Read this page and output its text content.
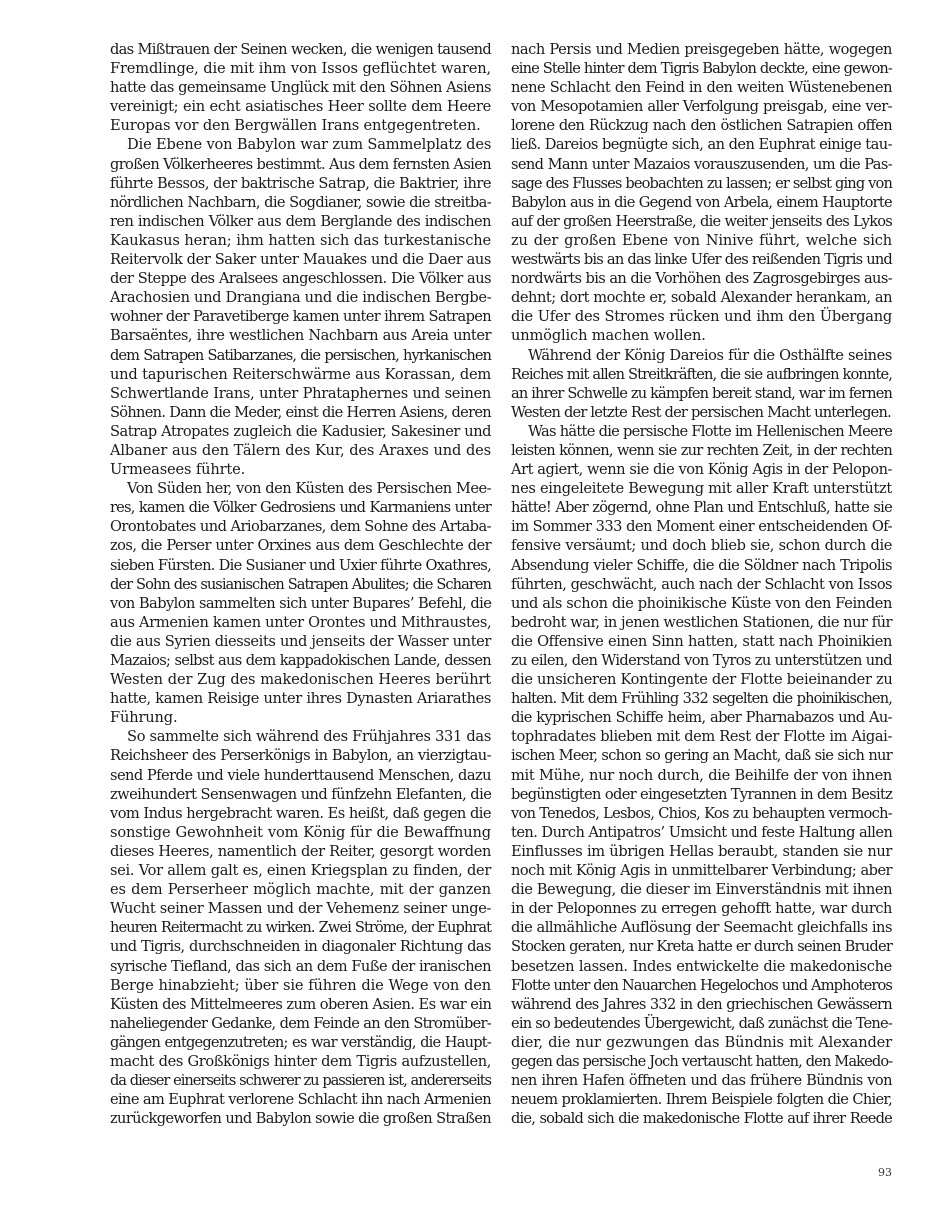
das Mißtrauen der Seinen wecken, die wenigen tausend
Fremdlinge, die mit ihm von Issos geflüchtet waren,
hatte das gemeinsame Unglück mit den Söhnen Asiens
vereinigt; ein echt asiatisches Heer sollte dem Heere
Europas vor den Bergwällen Irans entgegentreten.
Die Ebene von Babylon war zum Sammelplatz des
großen Völkerheeres bestimmt. Aus dem fernsten Asien
führte Bessos, der baktrische Satrap, die Baktrier, ihre
nördlichen Nachbarn, die Sogdianer, sowie die streitba-
ren indischen Völker aus dem Berglande des indischen
Kaukasus heran; ihm hatten sich das turkestanische
Reitervolk der Saker unter Mauakes und die Daer aus
der Steppe des Aralsees angeschlossen. Die Völker aus
Arachosien und Drangiana und die indischen Bergbe-
wohner der Paravetiberge kamen unter ihrem Satrapen
Barsaëntes, ihre westlichen Nachbarn aus Areia unter
dem Satrapen Satibarzanes, die persischen, hyrkanischen
und tapurischen Reiterschwärme aus Korassan, dem
Schwertlande Irans, unter Phrataphernes und seinen
Söhnen. Dann die Meder, einst die Herren Asiens, deren
Satrap Atropates zugleich die Kadusier, Sakesiner und
Albaner aus den Tälern des Kur, des Araxes und des
Urmeasees führte.
Von Süden her, von den Küsten des Persischen Mee-
res, kamen die Völker Gedrosiens und Karmaniens unter
Orontobates und Ariobarzanes, dem Sohne des Artaba-
zos, die Perser unter Orxines aus dem Geschlechte der
sieben Fürsten. Die Susianer und Uxier führte Oxathres,
der Sohn des susianischen Satrapen Abulites; die Scharen
von Babylon sammelten sich unter Bupares’ Befehl, die
aus Armenien kamen unter Orontes und Mithraustes,
die aus Syrien diesseits und jenseits der Wasser unter
Mazaios; selbst aus dem kappadokischen Lande, dessen
Westen der Zug des makedonischen Heeres berührt
hatte, kamen Reisige unter ihres Dynasten Ariarathes
Führung.
So sammelte sich während des Frühjahres 331 das
Reichsheer des Perserkönigs in Babylon, an vierzigtau-
send Pferde und viele hunderttausend Menschen, dazu
zweihundert Sensenwagen und fünfzehn Elefanten, die
vom Indus hergebracht waren. Es heißt, daß gegen die
sonstige Gewohnheit vom König für die Bewaffnung
dieses Heeres, namentlich der Reiter, gesorgt worden
sei. Vor allem galt es, einen Kriegsplan zu finden, der
es dem Perserheer möglich machte, mit der ganzen
Wucht seiner Massen und der Vehemenz seiner unge-
heuren Reitermacht zu wirken. Zwei Ströme, der Euphrat
und Tigris, durchschneiden in diagonaler Richtung das
syrische Tiefland, das sich an dem Fuße der iranischen
Berge hinabzieht; über sie führen die Wege von den
Küsten des Mittelmeeres zum oberen Asien. Es war ein
naheliegender Gedanke, dem Feinde an den Stromüber-
gängen entgegenzutreten; es war verständig, die Haupt-
macht des Großkönigs hinter dem Tigris aufzustellen,
da dieser einerseits schwerer zu passieren ist, andererseits
eine am Euphrat verlorene Schlacht ihn nach Armenien
zurückgeworfen und Babylon sowie die großen Straßen
nach Persis und Medien preisgegeben hätte, wogegen
eine Stelle hinter dem Tigris Babylon deckte, eine gewon-
nene Schlacht den Feind in den weiten Wüstenebenen
von Mesopotamien aller Verfolgung preisgab, eine ver-
lorene den Rückzug nach den östlichen Satrapien offen
ließ. Dareios begnügte sich, an den Euphrat einige tau-
send Mann unter Mazaios vorauszusenden, um die Pas-
sage des Flusses beobachten zu lassen; er selbst ging von
Babylon aus in die Gegend von Arbela, einem Hauptorte
auf der großen Heerstraße, die weiter jenseits des Lykos
zu der großen Ebene von Ninive führt, welche sich
westwärts bis an das linke Ufer des reißenden Tigris und
nordwärts bis an die Vorhöhen des Zagrosgebirges aus-
dehnt; dort mochte er, sobald Alexander herankam, an
die Ufer des Stromes rücken und ihm den Übergang
unmöglich machen wollen.
Während der König Dareios für die Osthälfte seines
Reiches mit allen Streitkräften, die sie aufbringen konnte,
an ihrer Schwelle zu kämpfen bereit stand, war im fernen
Westen der letzte Rest der persischen Macht unterlegen.
Was hätte die persische Flotte im Hellenischen Meere
leisten können, wenn sie zur rechten Zeit, in der rechten
Art agiert, wenn sie die von König Agis in der Pelopon-
nes eingeleitete Bewegung mit aller Kraft unterstützt
hätte! Aber zögernd, ohne Plan und Entschluß, hatte sie
im Sommer 333 den Moment einer entscheidenden Of-
fensive versäumt; und doch blieb sie, schon durch die
Absendung vieler Schiffe, die die Söldner nach Tripolis
führten, geschwächt, auch nach der Schlacht von Issos
und als schon die phoinikische Küste von den Feinden
bedroht war, in jenen westlichen Stationen, die nur für
die Offensive einen Sinn hatten, statt nach Phoinikien
zu eilen, den Widerstand von Tyros zu unterstützen und
die unsicheren Kontingente der Flotte beieinander zu
halten. Mit dem Frühling 332 segelten die phoinikischen,
die kyprischen Schiffe heim, aber Pharnabazos und Au-
tophradates blieben mit dem Rest der Flotte im Aigai-
ischen Meer, schon so gering an Macht, daß sie sich nur
mit Mühe, nur noch durch, die Beihilfe der von ihnen
begünstigten oder eingesetzten Tyrannen in dem Besitz
von Tenedos, Lesbos, Chios, Kos zu behaupten vermoch-
ten. Durch Antipatros’ Umsicht und feste Haltung allen
Einflusses im übrigen Hellas beraubt, standen sie nur
noch mit König Agis in unmittelbarer Verbindung; aber
die Bewegung, die dieser im Einverständnis mit ihnen
in der Peloponnes zu erregen gehofft hatte, war durch
die allmähliche Auflösung der Seemacht gleichfalls ins
Stocken geraten, nur Kreta hatte er durch seinen Bruder
besetzen lassen. Indes entwickelte die makedonische
Flotte unter den Nauarchen Hegelochos und Amphoteros
während des Jahres 332 in den griechischen Gewässern
ein so bedeutendes Übergewicht, daß zunächst die Tene-
dier, die nur gezwungen das Bündnis mit Alexander
gegen das persische Joch vertauscht hatten, den Makedo-
nen ihren Hafen öffneten und das frühere Bündnis von
neuem proklamierten. Ihrem Beispiele folgten die Chier,
die, sobald sich die makedonische Flotte auf ihrer Reede
93
